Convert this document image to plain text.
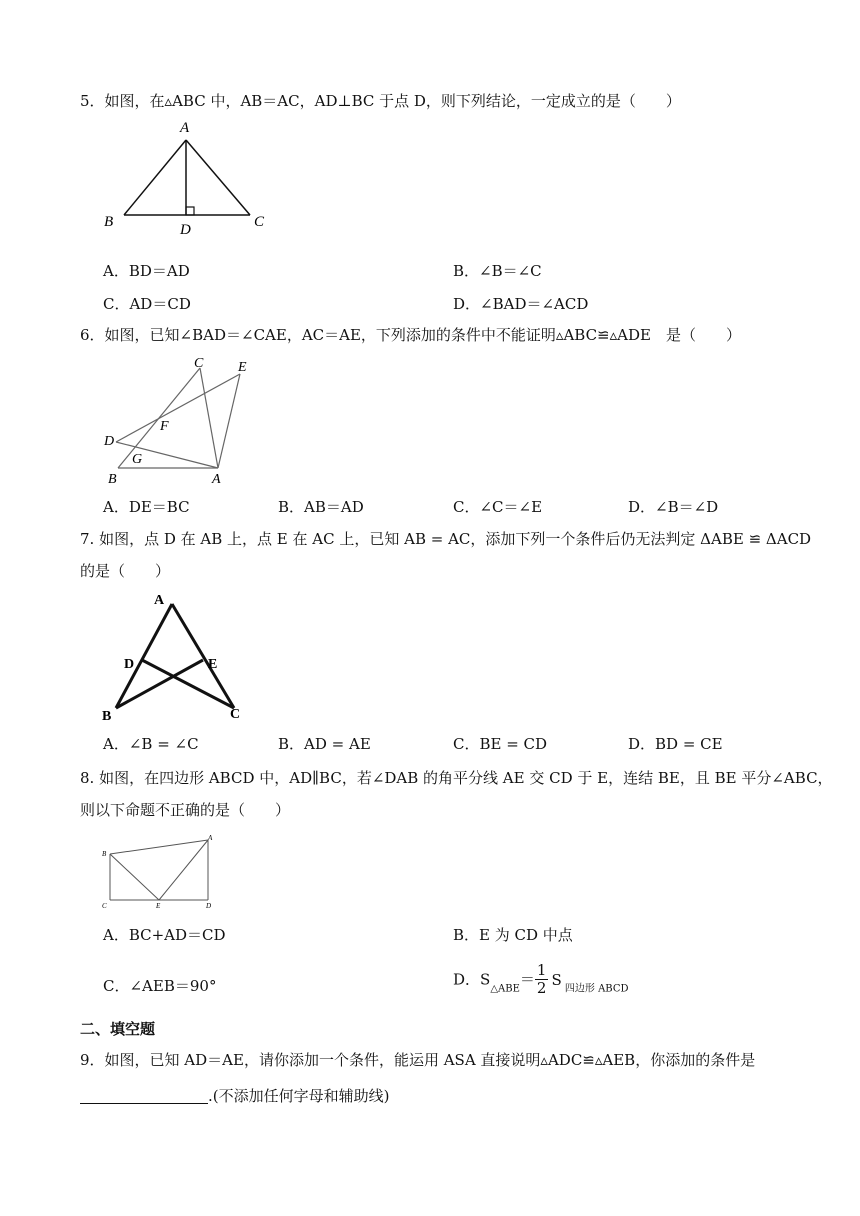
5．如图，在▵ABC 中，AB＝AC，AD⊥BC 于点 D，则下列结论，一定成立的是（　　）
A
B	C
D
A．BD＝AD	B．∠B＝∠C
C．AD＝CD	D．∠BAD＝∠ACD
6．如图，已知∠BAD＝∠CAE，AC＝AE，下列添加的条件中不能证明▵ABC≌▵ADE　是（　　）
C E
D
F
G
B	A
A．DE＝BC	B．AB＝AD	C．∠C＝∠E	D．∠B＝∠D
7. 如图，点 D 在 AB 上，点 E 在 AC 上，已知 AB = AC，添加下列一个条件后仍无法判定 ΔABE ≌ ΔACD
的是（　　）
A
D	E
B	C
A．∠B = ∠C	B．AD = AE	C．BE = CD	D．BD = CE
8. 如图，在四边形 ABCD 中，AD∥BC，若∠DAB 的角平分线 AE 交 CD 于 E，连结 BE，且 BE 平分∠ABC，
则以下命题不正确的是（　　）
B
A
C	E	D
A．BC+AD＝CD	B．E 为 CD 中点
C．∠AEB＝90°	D．$S_{\triangle ABE}= \frac{1}{2}$ S $_{四边形 ABCD}$
二、填空题
9．如图，已知 AD＝AE，请你添加一个条件，能运用 ASA 直接说明▵ADC≌▵AEB，你添加的条件是
.(不添加任何字母和辅助线)
